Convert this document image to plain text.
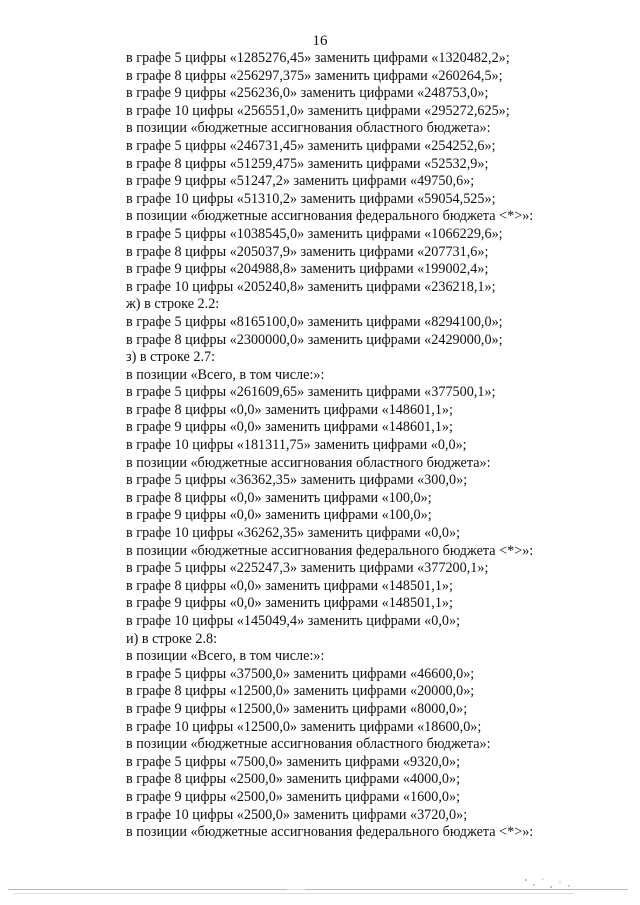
16
в графе 5 цифры «1285276,45» заменить цифрами «1320482,2»;
в графе 8 цифры «256297,375» заменить цифрами «260264,5»;
в графе 9 цифры «256236,0» заменить цифрами «248753,0»;
в графе 10 цифры «256551,0» заменить цифрами «295272,625»;
в позиции «бюджетные ассигнования областного бюджета»:
в графе 5 цифры «246731,45» заменить цифрами «254252,6»;
в графе 8 цифры «51259,475» заменить цифрами «52532,9»;
в графе 9 цифры «51247,2» заменить цифрами «49750,6»;
в графе 10 цифры «51310,2» заменить цифрами «59054,525»;
в позиции «бюджетные ассигнования федерального бюджета <*>»:
в графе 5 цифры «1038545,0» заменить цифрами «1066229,6»;
в графе 8 цифры «205037,9» заменить цифрами «207731,6»;
в графе 9 цифры «204988,8» заменить цифрами «199002,4»;
в графе 10 цифры «205240,8» заменить цифрами «236218,1»;
ж) в строке 2.2:
в графе 5 цифры «8165100,0» заменить цифрами «8294100,0»;
в графе 8 цифры «2300000,0» заменить цифрами «2429000,0»;
з) в строке 2.7:
в позиции «Всего, в том числе:»:
в графе 5 цифры «261609,65» заменить цифрами «377500,1»;
в графе 8 цифры «0,0» заменить цифрами «148601,1»;
в графе 9 цифры «0,0» заменить цифрами «148601,1»;
в графе 10 цифры «181311,75» заменить цифрами «0,0»;
в позиции «бюджетные ассигнования областного бюджета»:
в графе 5 цифры «36362,35» заменить цифрами «300,0»;
в графе 8 цифры «0,0» заменить цифрами «100,0»;
в графе 9 цифры «0,0» заменить цифрами «100,0»;
в графе 10 цифры «36262,35» заменить цифрами «0,0»;
в позиции «бюджетные ассигнования федерального бюджета <*>»:
в графе 5 цифры «225247,3» заменить цифрами «377200,1»;
в графе 8 цифры «0,0» заменить цифрами «148501,1»;
в графе 9 цифры «0,0» заменить цифрами «148501,1»;
в графе 10 цифры «145049,4» заменить цифрами «0,0»;
и) в строке 2.8:
в позиции «Всего, в том числе:»:
в графе 5 цифры «37500,0» заменить цифрами «46600,0»;
в графе 8 цифры «12500,0» заменить цифрами «20000,0»;
в графе 9 цифры «12500,0» заменить цифрами «8000,0»;
в графе 10 цифры «12500,0» заменить цифрами «18600,0»;
в позиции «бюджетные ассигнования областного бюджета»:
в графе 5 цифры «7500,0» заменить цифрами «9320,0»;
в графе 8 цифры «2500,0» заменить цифрами «4000,0»;
в графе 9 цифры «2500,0» заменить цифрами «1600,0»;
в графе 10 цифры «2500,0» заменить цифрами «3720,0»;
в позиции «бюджетные ассигнования федерального бюджета <*>»:
